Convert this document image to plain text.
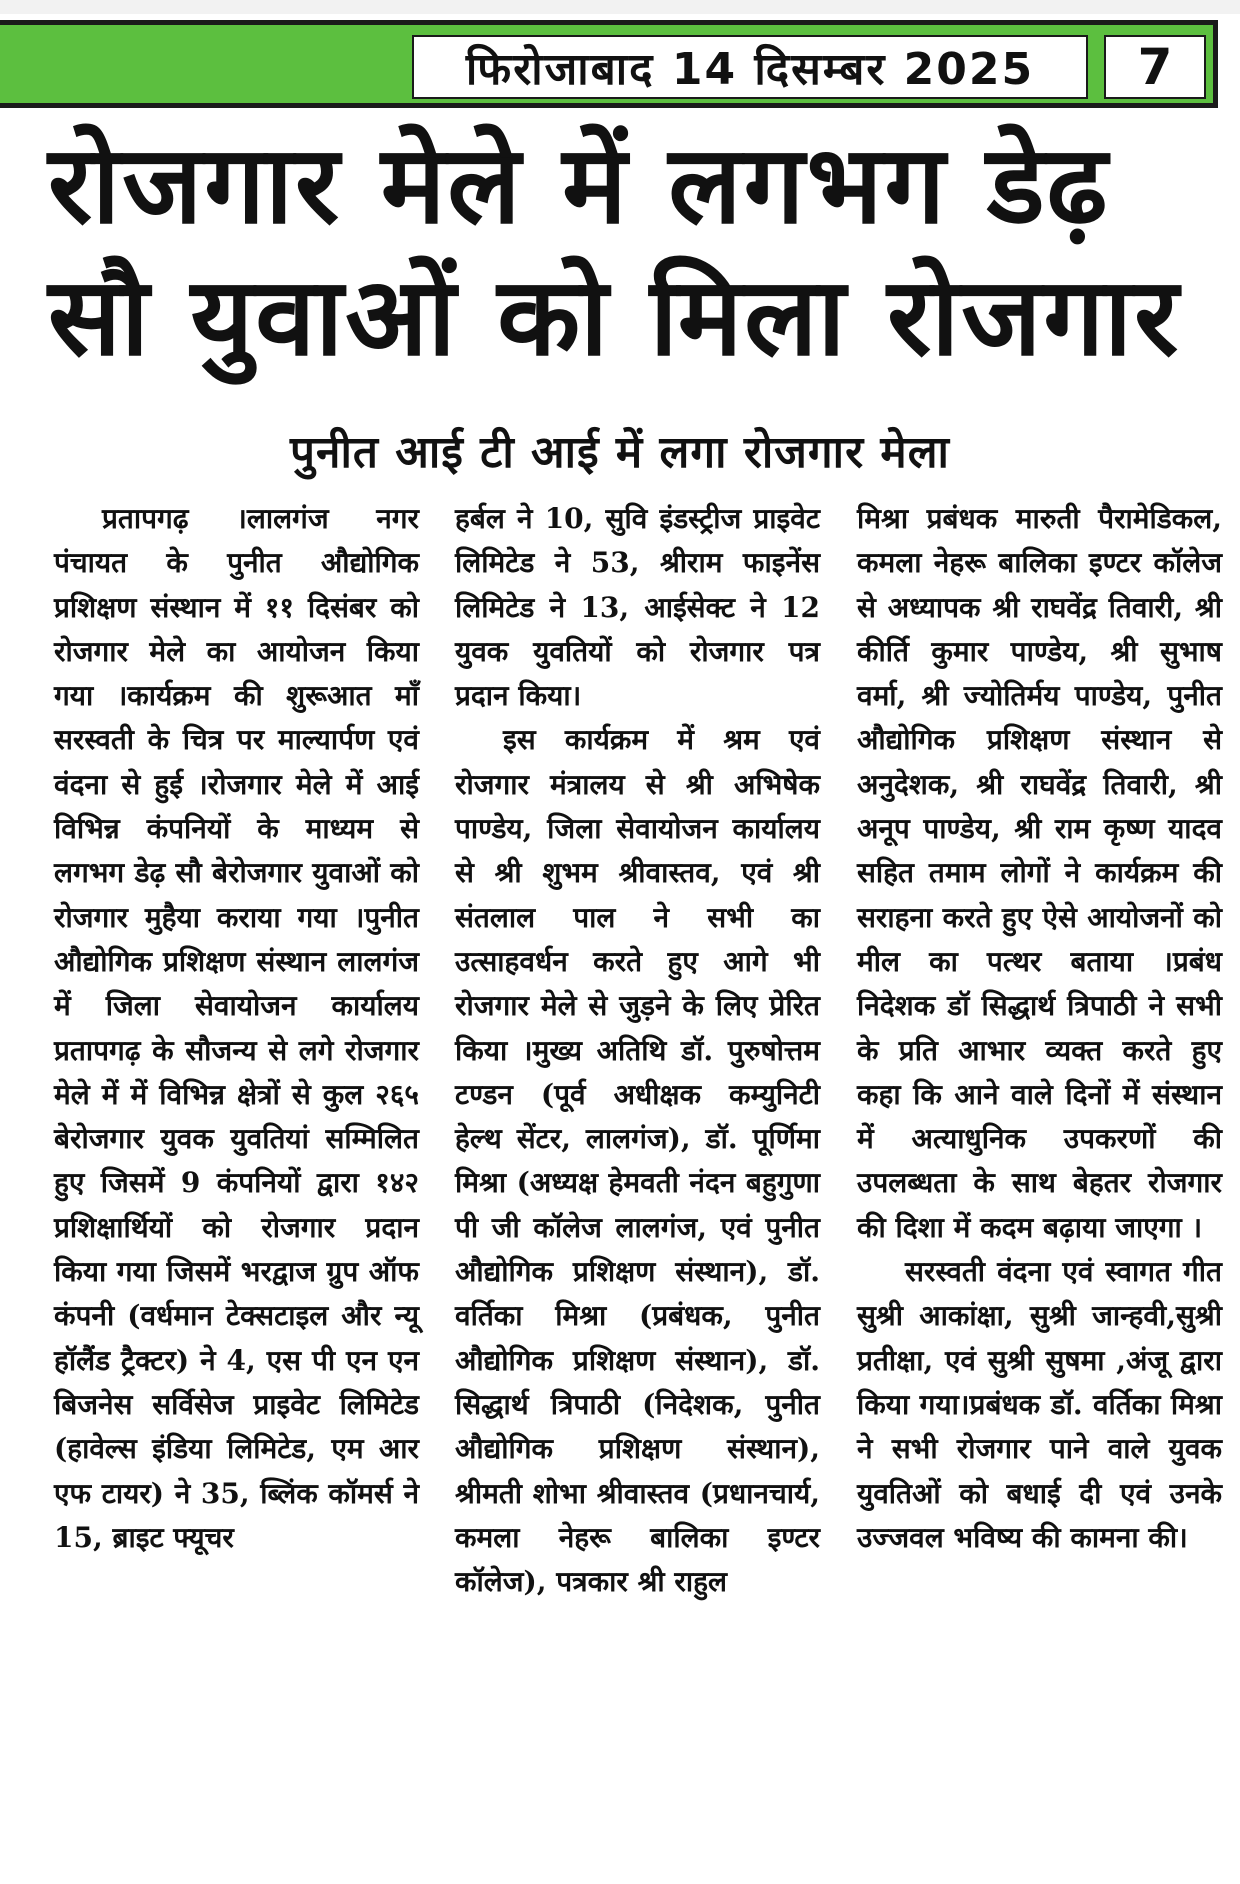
फिरोजाबाद 14 दिसम्बर 2025	7
रोजगार मेले में लगभग डेढ़
सौ युवाओं को मिला रोजगार
पुनीत आई टी आई में लगा रोजगार मेला

प्रतापगढ़ ।लालगंज नगर पंचायत के पुनीत औद्योगिक प्रशिक्षण संस्थान में ११ दिसंबर को रोजगार मेले का आयोजन किया गया ।कार्यक्रम की शुरूआत माँ सरस्वती के चित्र पर माल्यार्पण एवं वंदना से हुई ।रोजगार मेले में आई विभिन्न कंपनियों के माध्यम से लगभग डेढ़ सौ बेरोजगार युवाओं को रोजगार मुहैया कराया गया ।पुनीत औद्योगिक प्रशिक्षण संस्थान लालगंज में जिला सेवायोजन कार्यालय प्रतापगढ़ के सौजन्य से लगे रोजगार मेले में में विभिन्न क्षेत्रों से कुल २६५ बेरोजगार युवक युवतियां सम्मिलित हुए जिसमें 9 कंपनियों द्वारा १४२ प्रशिक्षार्थियों को रोजगार प्रदान किया गया जिसमें भरद्वाज ग्रुप ऑफ कंपनी (वर्धमान टेक्सटाइल और न्यू हॉलैंड ट्रैक्टर) ने 4, एस पी एन एन बिजनेस सर्विसेज प्राइवेट लिमिटेड (हावेल्स इंडिया लिमिटेड, एम आर एफ टायर) ने 35, ब्लिंक कॉमर्स ने 15, ब्राइट फ्यूचर

हर्बल ने 10, सुवि इंडस्ट्रीज प्राइवेट लिमिटेड ने 53, श्रीराम फाइनेंस लिमिटेड ने 13, आईसेक्ट ने 12 युवक युवतियों को रोजगार पत्र प्रदान किया।

इस कार्यक्रम में श्रम एवं रोजगार मंत्रालय से श्री अभिषेक पाण्डेय, जिला सेवायोजन कार्यालय से श्री शुभम श्रीवास्तव, एवं श्री संतलाल पाल ने सभी का उत्साहवर्धन करते हुए आगे भी रोजगार मेले से जुड़ने के लिए प्रेरित किया ।मुख्य अतिथि डॉ. पुरुषोत्तम टण्डन (पूर्व अधीक्षक कम्युनिटी हेल्थ सेंटर, लालगंज), डॉ. पूर्णिमा मिश्रा (अध्यक्ष हेमवती नंदन बहुगुणा पी जी कॉलेज लालगंज, एवं पुनीत औद्योगिक प्रशिक्षण संस्थान), डॉ. वर्तिका मिश्रा (प्रबंधक, पुनीत औद्योगिक प्रशिक्षण संस्थान), डॉ. सिद्धार्थ त्रिपाठी (निदेशक, पुनीत औद्योगिक प्रशिक्षण संस्थान), श्रीमती शोभा श्रीवास्तव (प्रधानचार्य, कमला नेहरू बालिका इण्टर कॉलेज), पत्रकार श्री राहुल

मिश्रा प्रबंधक मारुती पैरामेडिकल, कमला नेहरू बालिका इण्टर कॉलेज से अध्यापक श्री राघवेंद्र तिवारी, श्री कीर्ति कुमार पाण्डेय, श्री सुभाष वर्मा, श्री ज्योतिर्मय पाण्डेय, पुनीत औद्योगिक प्रशिक्षण संस्थान से अनुदेशक, श्री राघवेंद्र तिवारी, श्री अनूप पाण्डेय, श्री राम कृष्ण यादव सहित तमाम लोगों ने कार्यक्रम की सराहना करते हुए ऐसे आयोजनों को मील का पत्थर बताया ।प्रबंध निदेशक डॉ सिद्धार्थ त्रिपाठी ने सभी के प्रति आभार व्यक्त करते हुए कहा कि आने वाले दिनों में संस्थान में अत्याधुनिक उपकरणों की उपलब्धता के साथ बेहतर रोजगार की दिशा में कदम बढ़ाया जाएगा ।

सरस्वती वंदना एवं स्वागत गीत सुश्री आकांक्षा, सुश्री जान्हवी,सुश्री प्रतीक्षा, एवं सुश्री सुषमा ,अंजू द्वारा किया गया।प्रबंधक डॉ. वर्तिका मिश्रा ने सभी रोजगार पाने वाले युवक युवतिओं को बधाई दी एवं उनके उज्जवल भविष्य की कामना की।
